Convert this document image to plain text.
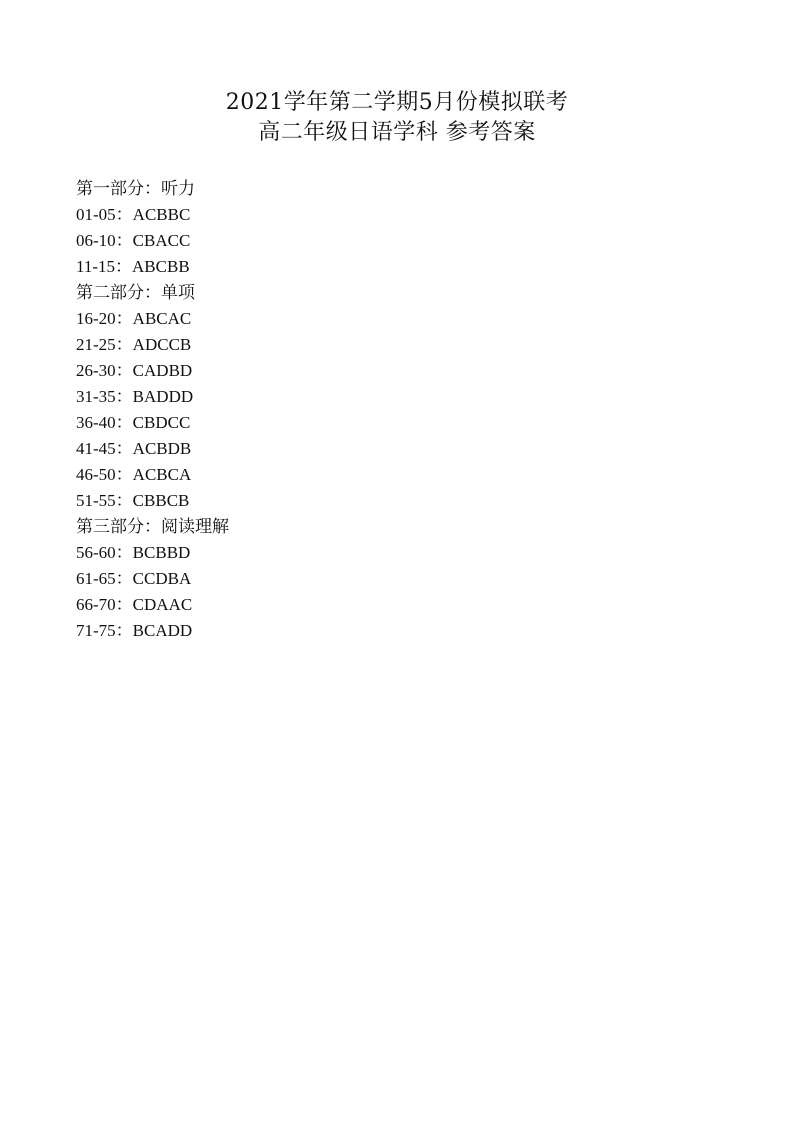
2021学年第二学期5月份模拟联考
高二年级日语学科 参考答案
第一部分：听力
01-05：ACBBC
06-10：CBACC
11-15：ABCBB
第二部分：单项
16-20：ABCAC
21-25：ADCCB
26-30：CADBD
31-35：BADDD
36-40：CBDCC
41-45：ACBDB
46-50：ACBCA
51-55：CBBCB
第三部分：阅读理解
56-60：BCBBD
61-65：CCDBA
66-70：CDAAC
71-75：BCADD
